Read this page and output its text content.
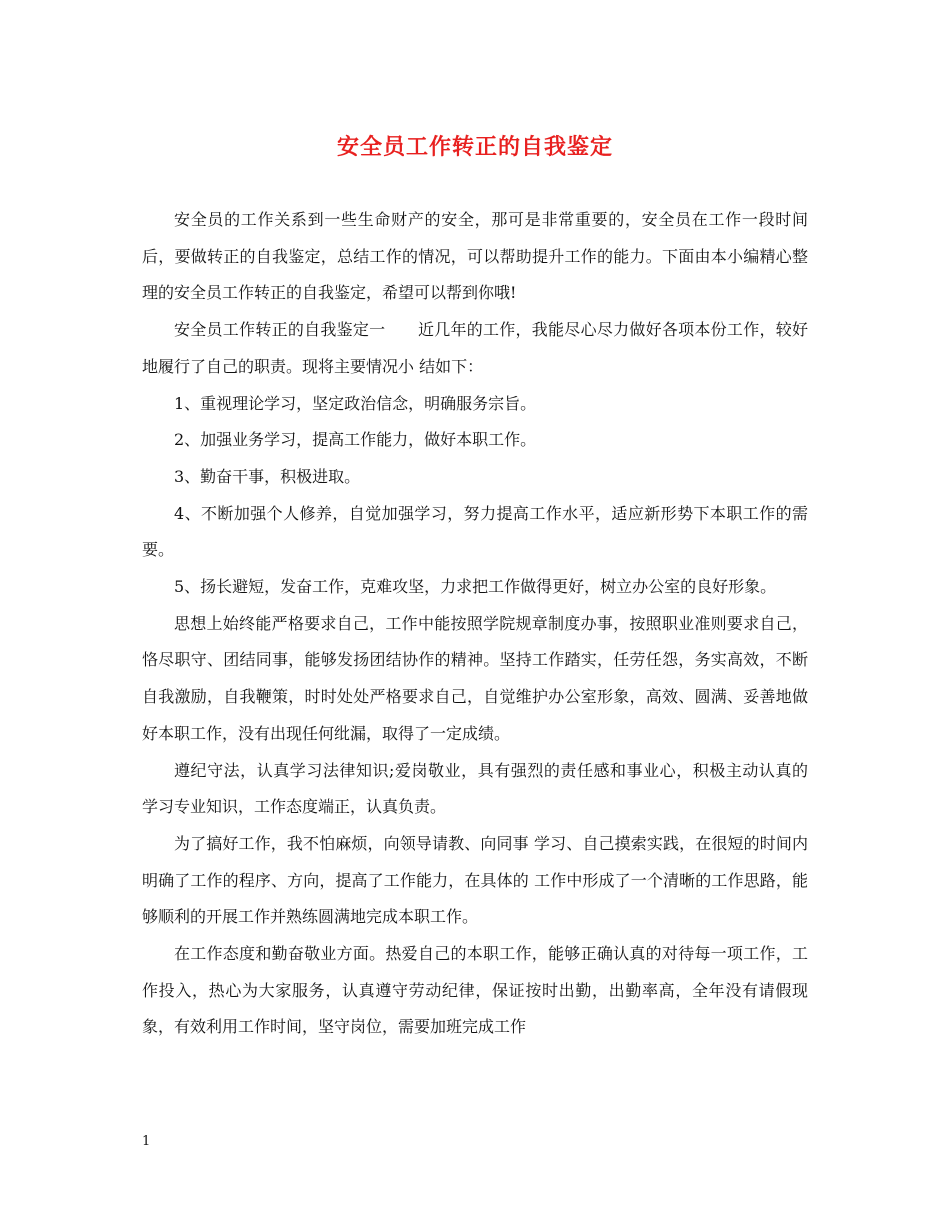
安全员工作转正的自我鉴定

安全员的工作关系到一些生命财产的安全，那可是非常重要的，安全员在工作一段时间后，要做转正的自我鉴定，总结工作的情况，可以帮助提升工作的能力。下面由本小编精心整理的安全员工作转正的自我鉴定，希望可以帮到你哦!

安全员工作转正的自我鉴定一　　近几年的工作，我能尽心尽力做好各项本份工作，较好地履行了自己的职责。现将主要情况小 结如下：

1、重视理论学习，坚定政治信念，明确服务宗旨。

2、加强业务学习，提高工作能力，做好本职工作。

3、勤奋干事，积极进取。

4、不断加强个人修养，自觉加强学习，努力提高工作水平，适应新形势下本职工作的需要。

5、扬长避短，发奋工作，克难攻坚，力求把工作做得更好，树立办公室的良好形象。

思想上始终能严格要求自己，工作中能按照学院规章制度办事，按照职业准则要求自己， 恪尽职守、团结同事，能够发扬团结协作的精神。坚持工作踏实，任劳任怨，务实高效，不断 自我激励，自我鞭策，时时处处严格要求自己，自觉维护办公室形象，高效、圆满、妥善地做 好本职工作，没有出现任何纰漏，取得了一定成绩。

遵纪守法，认真学习法律知识;爱岗敬业，具有强烈的责任感和事业心，积极主动认真的 学习专业知识，工作态度端正，认真负责。

为了搞好工作，我不怕麻烦，向领导请教、向同事 学习、自己摸索实践，在很短的时间内明确了工作的程序、方向，提高了工作能力，在具体的 工作中形成了一个清晰的工作思路，能够顺利的开展工作并熟练圆满地完成本职工作。

在工作态度和勤奋敬业方面。热爱自己的本职工作，能够正确认真的对待每一项工作，工作投入，热心为大家服务，认真遵守劳动纪律，保证按时出勤，出勤率高，全年没有请假现象，有效利用工作时间，坚守岗位，需要加班完成工作

1
